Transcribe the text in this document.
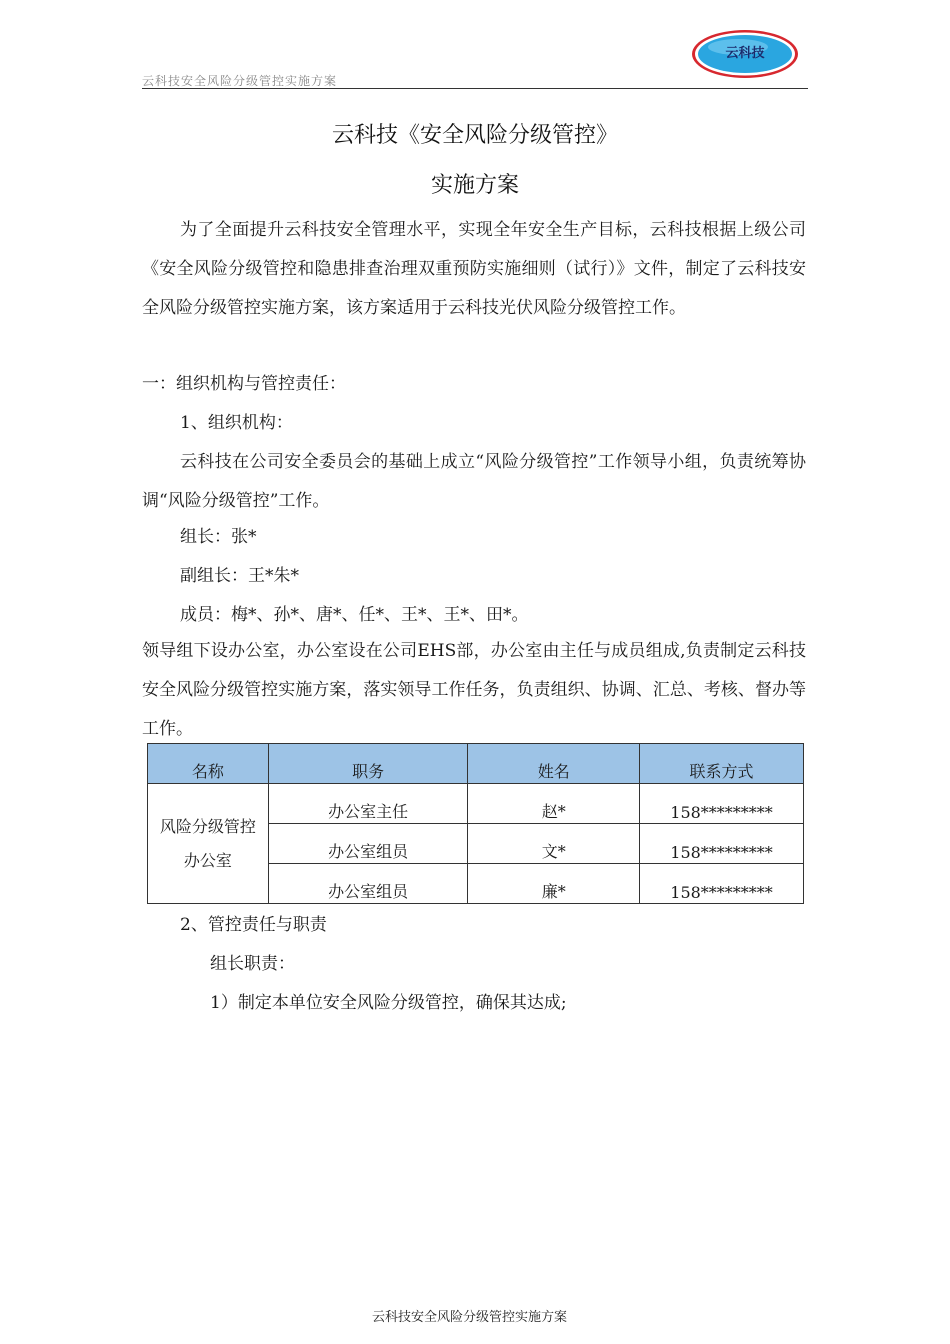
云科技安全风险分级管控实施方案
云科技
云科技《安全风险分级管控》
实施方案
为了全面提升云科技安全管理水平，实现全年安全生产目标，云科技根据上级公司《安全风险分级管控和隐患排查治理双重预防实施细则（试行）》文件，制定了云科技安全风险分级管控实施方案，该方案适用于云科技光伏风险分级管控工作。
一：组织机构与管控责任：
1、组织机构：
云科技在公司安全委员会的基础上成立“风险分级管控”工作领导小组，负责统筹协调“风险分级管控”工作。
组长：张*
副组长：王*朱*
成员：梅*、孙*、唐*、任*、王*、王*、田*。
领导组下设办公室，办公室设在公司EHS部，办公室由主任与成员组成,负责制定云科技安全风险分级管控实施方案，落实领导工作任务，负责组织、协调、汇总、考核、督办等工作。
名称	职务	姓名	联系方式
风险分级管控办公室	办公室主任	赵*	158*********
	办公室组员	文*	158*********
	办公室组员	廉*	158*********
2、管控责任与职责
组长职责：
1）制定本单位安全风险分级管控，确保其达成;
云科技安全风险分级管控实施方案
